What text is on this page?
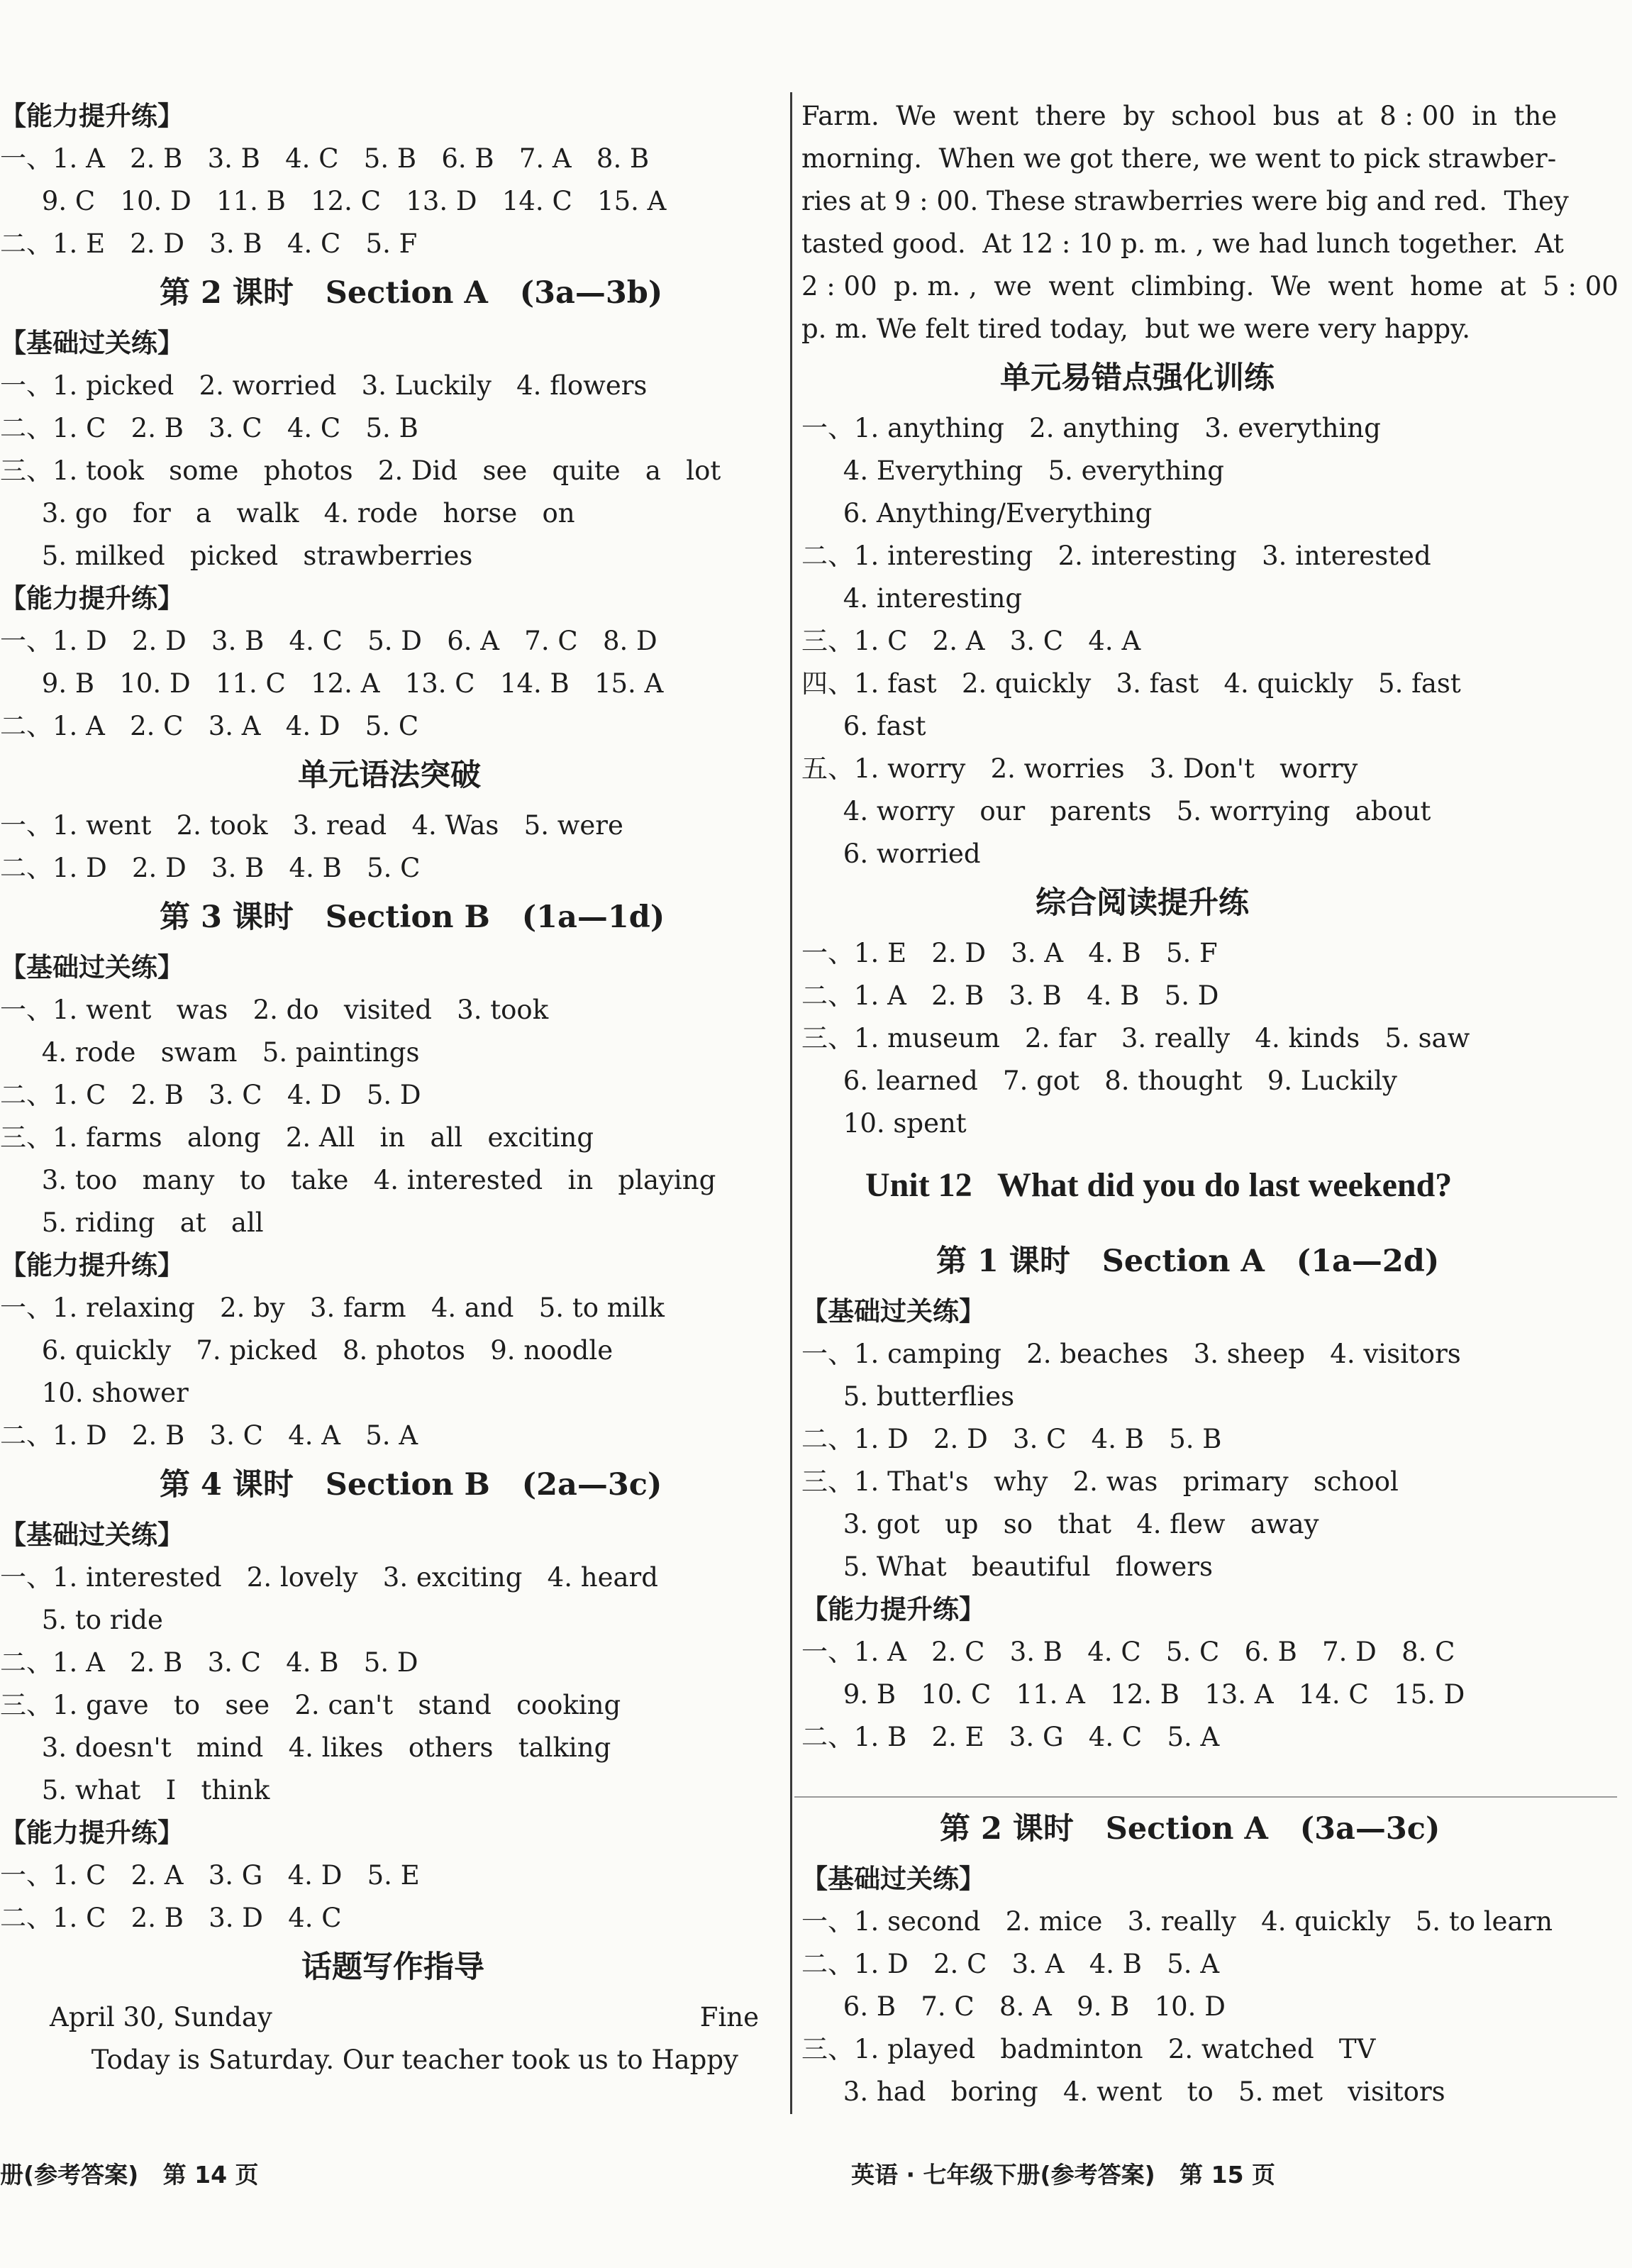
【能力提升练】
一、1. A   2. B   3. B   4. C   5. B   6. B   7. A   8. B
9. C   10. D   11. B   12. C   13. D   14. C   15. A
二、1. E   2. D   3. B   4. C   5. F
第 2 课时   Section A   (3a—3b)
【基础过关练】
一、1. picked   2. worried   3. Luckily   4. flowers
二、1. C   2. B   3. C   4. C   5. B
三、1. took   some   photos   2. Did   see   quite   a   lot
3. go   for   a   walk   4. rode   horse   on
5. milked   picked   strawberries
【能力提升练】
一、1. D   2. D   3. B   4. C   5. D   6. A   7. C   8. D
9. B   10. D   11. C   12. A   13. C   14. B   15. A
二、1. A   2. C   3. A   4. D   5. C
单元语法突破
一、1. went   2. took   3. read   4. Was   5. were
二、1. D   2. D   3. B   4. B   5. C
第 3 课时   Section B   (1a—1d)
【基础过关练】
一、1. went   was   2. do   visited   3. took
4. rode   swam   5. paintings
二、1. C   2. B   3. C   4. D   5. D
三、1. farms   along   2. All   in   all   exciting
3. too   many   to   take   4. interested   in   playing
5. riding   at   all
【能力提升练】
一、1. relaxing   2. by   3. farm   4. and   5. to milk
6. quickly   7. picked   8. photos   9. noodle
10. shower
二、1. D   2. B   3. C   4. A   5. A
第 4 课时   Section B   (2a—3c)
【基础过关练】
一、1. interested   2. lovely   3. exciting   4. heard
5. to ride
二、1. A   2. B   3. C   4. B   5. D
三、1. gave   to   see   2. can't   stand   cooking
3. doesn't   mind   4. likes   others   talking
5. what   I   think
【能力提升练】
一、1. C   2. A   3. G   4. D   5. E
二、1. C   2. B   3. D   4. C
话题写作指导
April 30, Sunday	Fine
Today is Saturday. Our teacher took us to Happy
Farm.  We  went  there  by  school  bus  at  8 : 00  in  the
morning.  When we got there, we went to pick strawber-
ries at 9 : 00. These strawberries were big and red.  They
tasted good.  At 12 : 10 p. m. , we had lunch together.  At
2 : 00  p. m. ,  we  went  climbing.  We  went  home  at  5 : 00
p. m. We felt tired today,  but we were very happy.
单元易错点强化训练
一、1. anything   2. anything   3. everything
4. Everything   5. everything
6. Anything/Everything
二、1. interesting   2. interesting   3. interested
4. interesting
三、1. C   2. A   3. C   4. A
四、1. fast   2. quickly   3. fast   4. quickly   5. fast
6. fast
五、1. worry   2. worries   3. Don't   worry
4. worry   our   parents   5. worrying   about
6. worried
综合阅读提升练
一、1. E   2. D   3. A   4. B   5. F
二、1. A   2. B   3. B   4. B   5. D
三、1. museum   2. far   3. really   4. kinds   5. saw
6. learned   7. got   8. thought   9. Luckily
10. spent
Unit 12   What did you do last weekend?
第 1 课时   Section A   (1a—2d)
【基础过关练】
一、1. camping   2. beaches   3. sheep   4. visitors
5. butterflies
二、1. D   2. D   3. C   4. B   5. B
三、1. That's   why   2. was   primary   school
3. got   up   so   that   4. flew   away
5. What   beautiful   flowers
【能力提升练】
一、1. A   2. C   3. B   4. C   5. C   6. B   7. D   8. C
9. B   10. C   11. A   12. B   13. A   14. C   15. D
二、1. B   2. E   3. G   4. C   5. A
第 2 课时   Section A   (3a—3c)
【基础过关练】
一、1. second   2. mice   3. really   4. quickly   5. to learn
二、1. D   2. C   3. A   4. B   5. A
6. B   7. C   8. A   9. B   10. D
三、1. played   badminton   2. watched   TV
3. had   boring   4. went   to   5. met   visitors
册(参考答案)   第 14 页	英语 · 七年级下册(参考答案)   第 15 页
